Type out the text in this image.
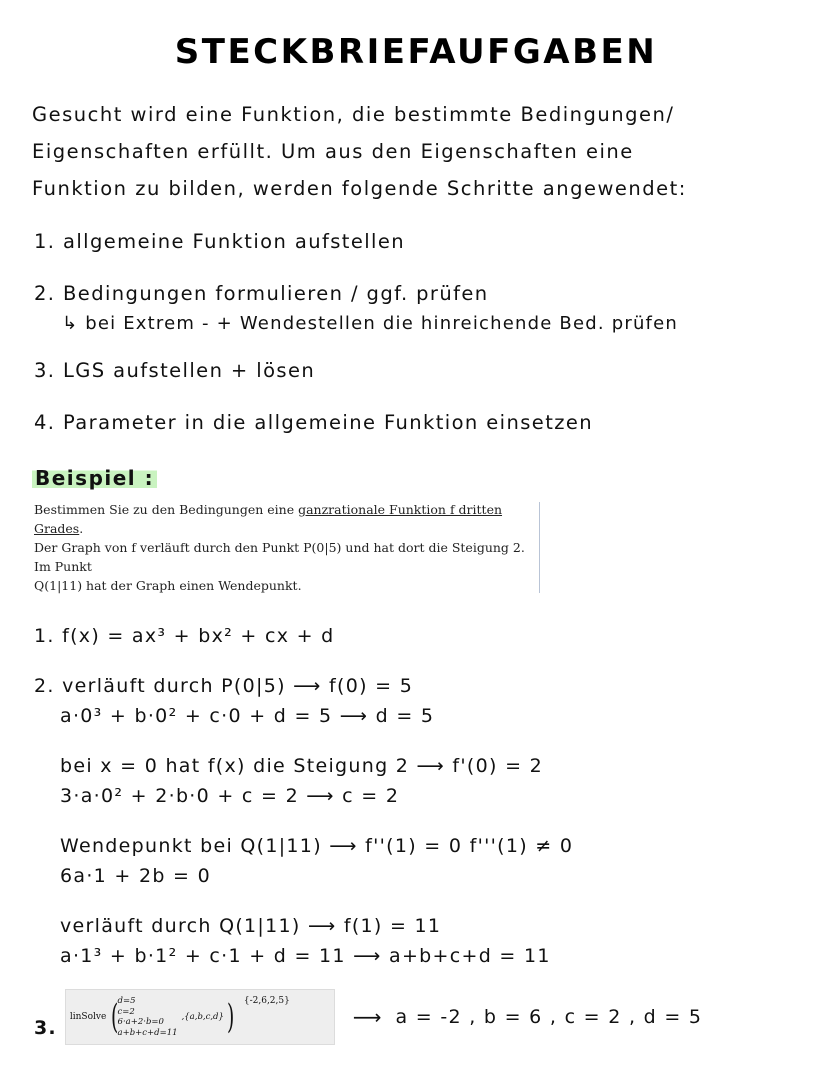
STECKBRIEFAUFGABEN
Gesucht wird eine Funktion, die bestimmte Bedingungen/
Eigenschaften erfüllt. Um aus den Eigenschaften eine
Funktion zu bilden, werden folgende Schritte angewendet:
1. allgemeine Funktion aufstellen
2. Bedingungen formulieren / ggf. prüfen
↳ bei Extrem - + Wendestellen die hinreichende Bed. prüfen
3. LGS aufstellen + lösen
4. Parameter in die allgemeine Funktion einsetzen
Beispiel :
Bestimmen Sie zu den Bedingungen eine ganzrationale Funktion f dritten Grades.
Der Graph von f verläuft durch den Punkt P(0|5) und hat dort die Steigung 2. Im Punkt
Q(1|11) hat der Graph einen Wendepunkt.
1. f(x) = ax³ + bx² + cx + d
2. verläuft durch P(0|5) ⟶ f(0) = 5
a·0³ + b·0² + c·0 + d = 5 ⟶ d = 5
bei x = 0 hat f(x) die Steigung 2 ⟶ f'(0) = 2
3·a·0² + 2·b·0 + c = 2 ⟶ c = 2
Wendepunkt bei Q(1|11) ⟶ f''(1) = 0 f'''(1) ≠ 0
6a·1 + 2b = 0
verläuft durch Q(1|11) ⟶ f(1) = 11
a·1³ + b·1² + c·1 + d = 11 ⟶ a+b+c+d = 11
3. linSolve (
d=5
c=2
6·a+2·b=0
a+b+c+d=11
,{a,b,c,d} ) {-2,6,2,5}
⟶ a = -2 , b = 6 , c = 2 , d = 5
